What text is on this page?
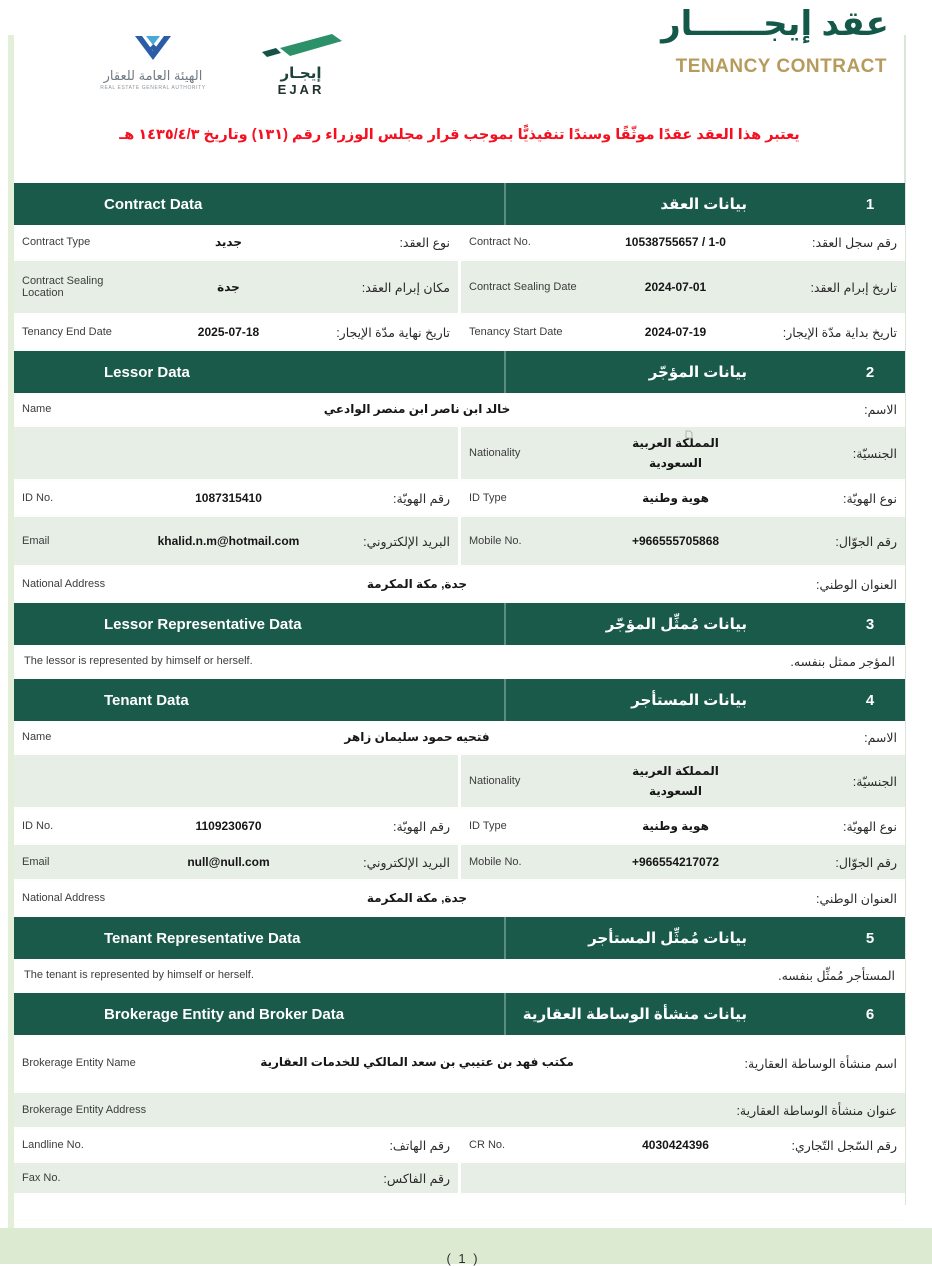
الهيئة العامة للعقار
REAL ESTATE GENERAL AUTHORITY
إيجـار
EJAR
عقد إيجــــــار
TENANCY CONTRACT
يعتبر هذا العقد عقدًا موثّقًا وسندًا تنفيذيًّا بموجب قرار مجلس الوزراء رقم (١٣١) وتاريخ ١٤٣٥/٤/٣ هـ
Contract Data	بيانات العقد	1
Contract Type	جديد	نوع العقد: Contract No.	10538755657 / 1-0	رقم سجل العقد:
Contract Sealing Location	جدة	مكان إبرام العقد: Contract Sealing Date	2024-07-01	تاريخ إبرام العقد:
Tenancy End Date	2025-07-18	تاريخ نهاية مدّة الإيجار: Tenancy Start Date	2024-07-19	تاريخ بداية مدّة الإيجار:
Lessor Data	بيانات المؤجّر	2
Name	خالد ابن ناصر ابن منصر الوادعي	الاسم:
Nationality
المملكة العربية السعودية
الجنسيّة:
ID No.	1087315410	رقم الهويّة: ID Type	هوية وطنية	نوع الهويّة:
Email	khalid.n.m@hotmail.com	البريد الإلكتروني: Mobile No.	+966555705868	رقم الجوّال:
National Address	جدة, مكة المكرمة	العنوان الوطني:
Lessor Representative Data	بيانات مُمثِّل المؤجّر	3
The lessor is represented by himself or herself.	المؤجر ممثل بنفسه.
Tenant Data	بيانات المستأجر	4
Name	فتحيه حمود سليمان زاهر	الاسم:
Nationality
المملكة العربية السعودية
الجنسيّة:
ID No.	1109230670	رقم الهويّة: ID Type	هوية وطنية	نوع الهويّة:
Email	null@null.com	البريد الإلكتروني: Mobile No.	+966554217072	رقم الجوّال:
National Address	جدة, مكة المكرمة	العنوان الوطني:
Tenant Representative Data	بيانات مُمثِّل المستأجر	5
The tenant is represented by himself or herself.	المستأجر مُمثِّل بنفسه.
Brokerage Entity and Broker Data	بيانات منشأة الوساطة العقارية	6
Brokerage Entity Name	مكتب فهد بن عتيبي بن سعد المالكي للخدمات العقارية	اسم منشأة الوساطة العقارية:
Brokerage Entity Address	عنوان منشأة الوساطة العقارية:
Landline No.	رقم الهاتف: CR No.	4030424396	رقم السّجل التّجاري:
Fax No.	رقم الفاكس:
( 1 )
